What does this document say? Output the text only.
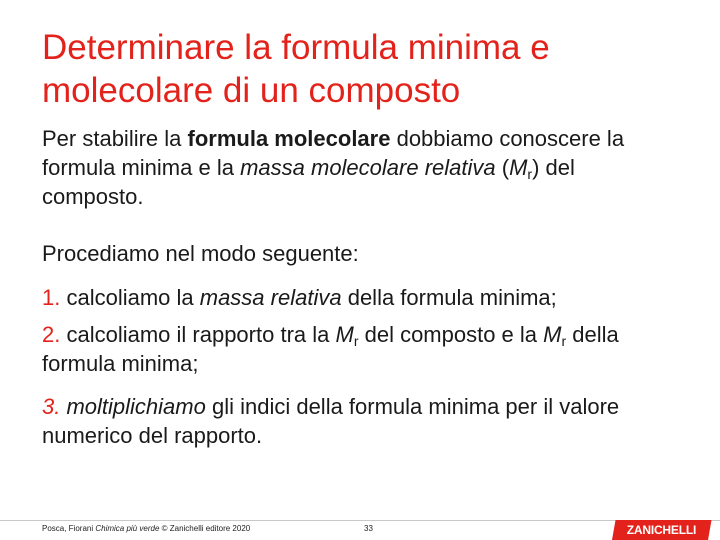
Determinare la formula minima e molecolare di un composto

Per stabilire la formula molecolare dobbiamo conoscere la formula minima e la massa molecolare relativa $(M_r)$ del composto.

Procediamo nel modo seguente:

1. calcoliamo la massa relativa della formula minima;

2. calcoliamo il rapporto tra la $M_r$ del composto e la $M_r$ della formula minima;

3. moltiplichiamo gli indici della formula minima per il valore numerico del rapporto.

Posca, Fiorani Chimica più verde © Zanichelli editore 2020	33	ZANICHELLI
